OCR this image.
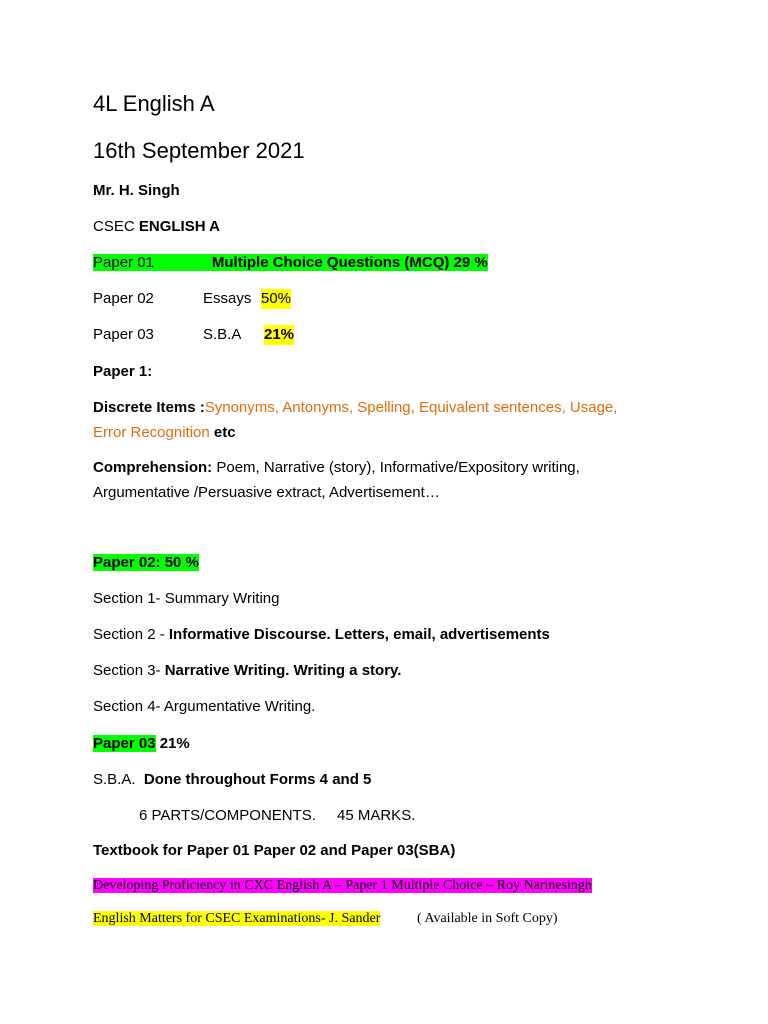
4L English A
16th September 2021
Mr. H. Singh
CSEC ENGLISH A
Paper 01	Multiple Choice Questions (MCQ) 29 %
Paper 02	Essays 50%
Paper 03	S.B.A 21%
Paper 1:
Discrete Items :Synonyms, Antonyms, Spelling, Equivalent sentences, Usage,
Error Recognition etc
Comprehension: Poem, Narrative (story), Informative/Expository writing,
Argumentative /Persuasive extract, Advertisement…
Paper 02: 50 %
Section 1- Summary Writing
Section 2 - Informative Discourse. Letters, email, advertisements
Section 3- Narrative Writing. Writing a story.
Section 4- Argumentative Writing.
Paper 03 21%
S.B.A. Done throughout Forms 4 and 5
6 PARTS/COMPONENTS. 45 MARKS.
Textbook for Paper 01 Paper 02 and Paper 03(SBA)
Developing Proficiency in CXC English A – Paper 1 Multiple Choice – Roy Narinesingh
English Matters for CSEC Examinations- J. Sander	( Available in Soft Copy)
